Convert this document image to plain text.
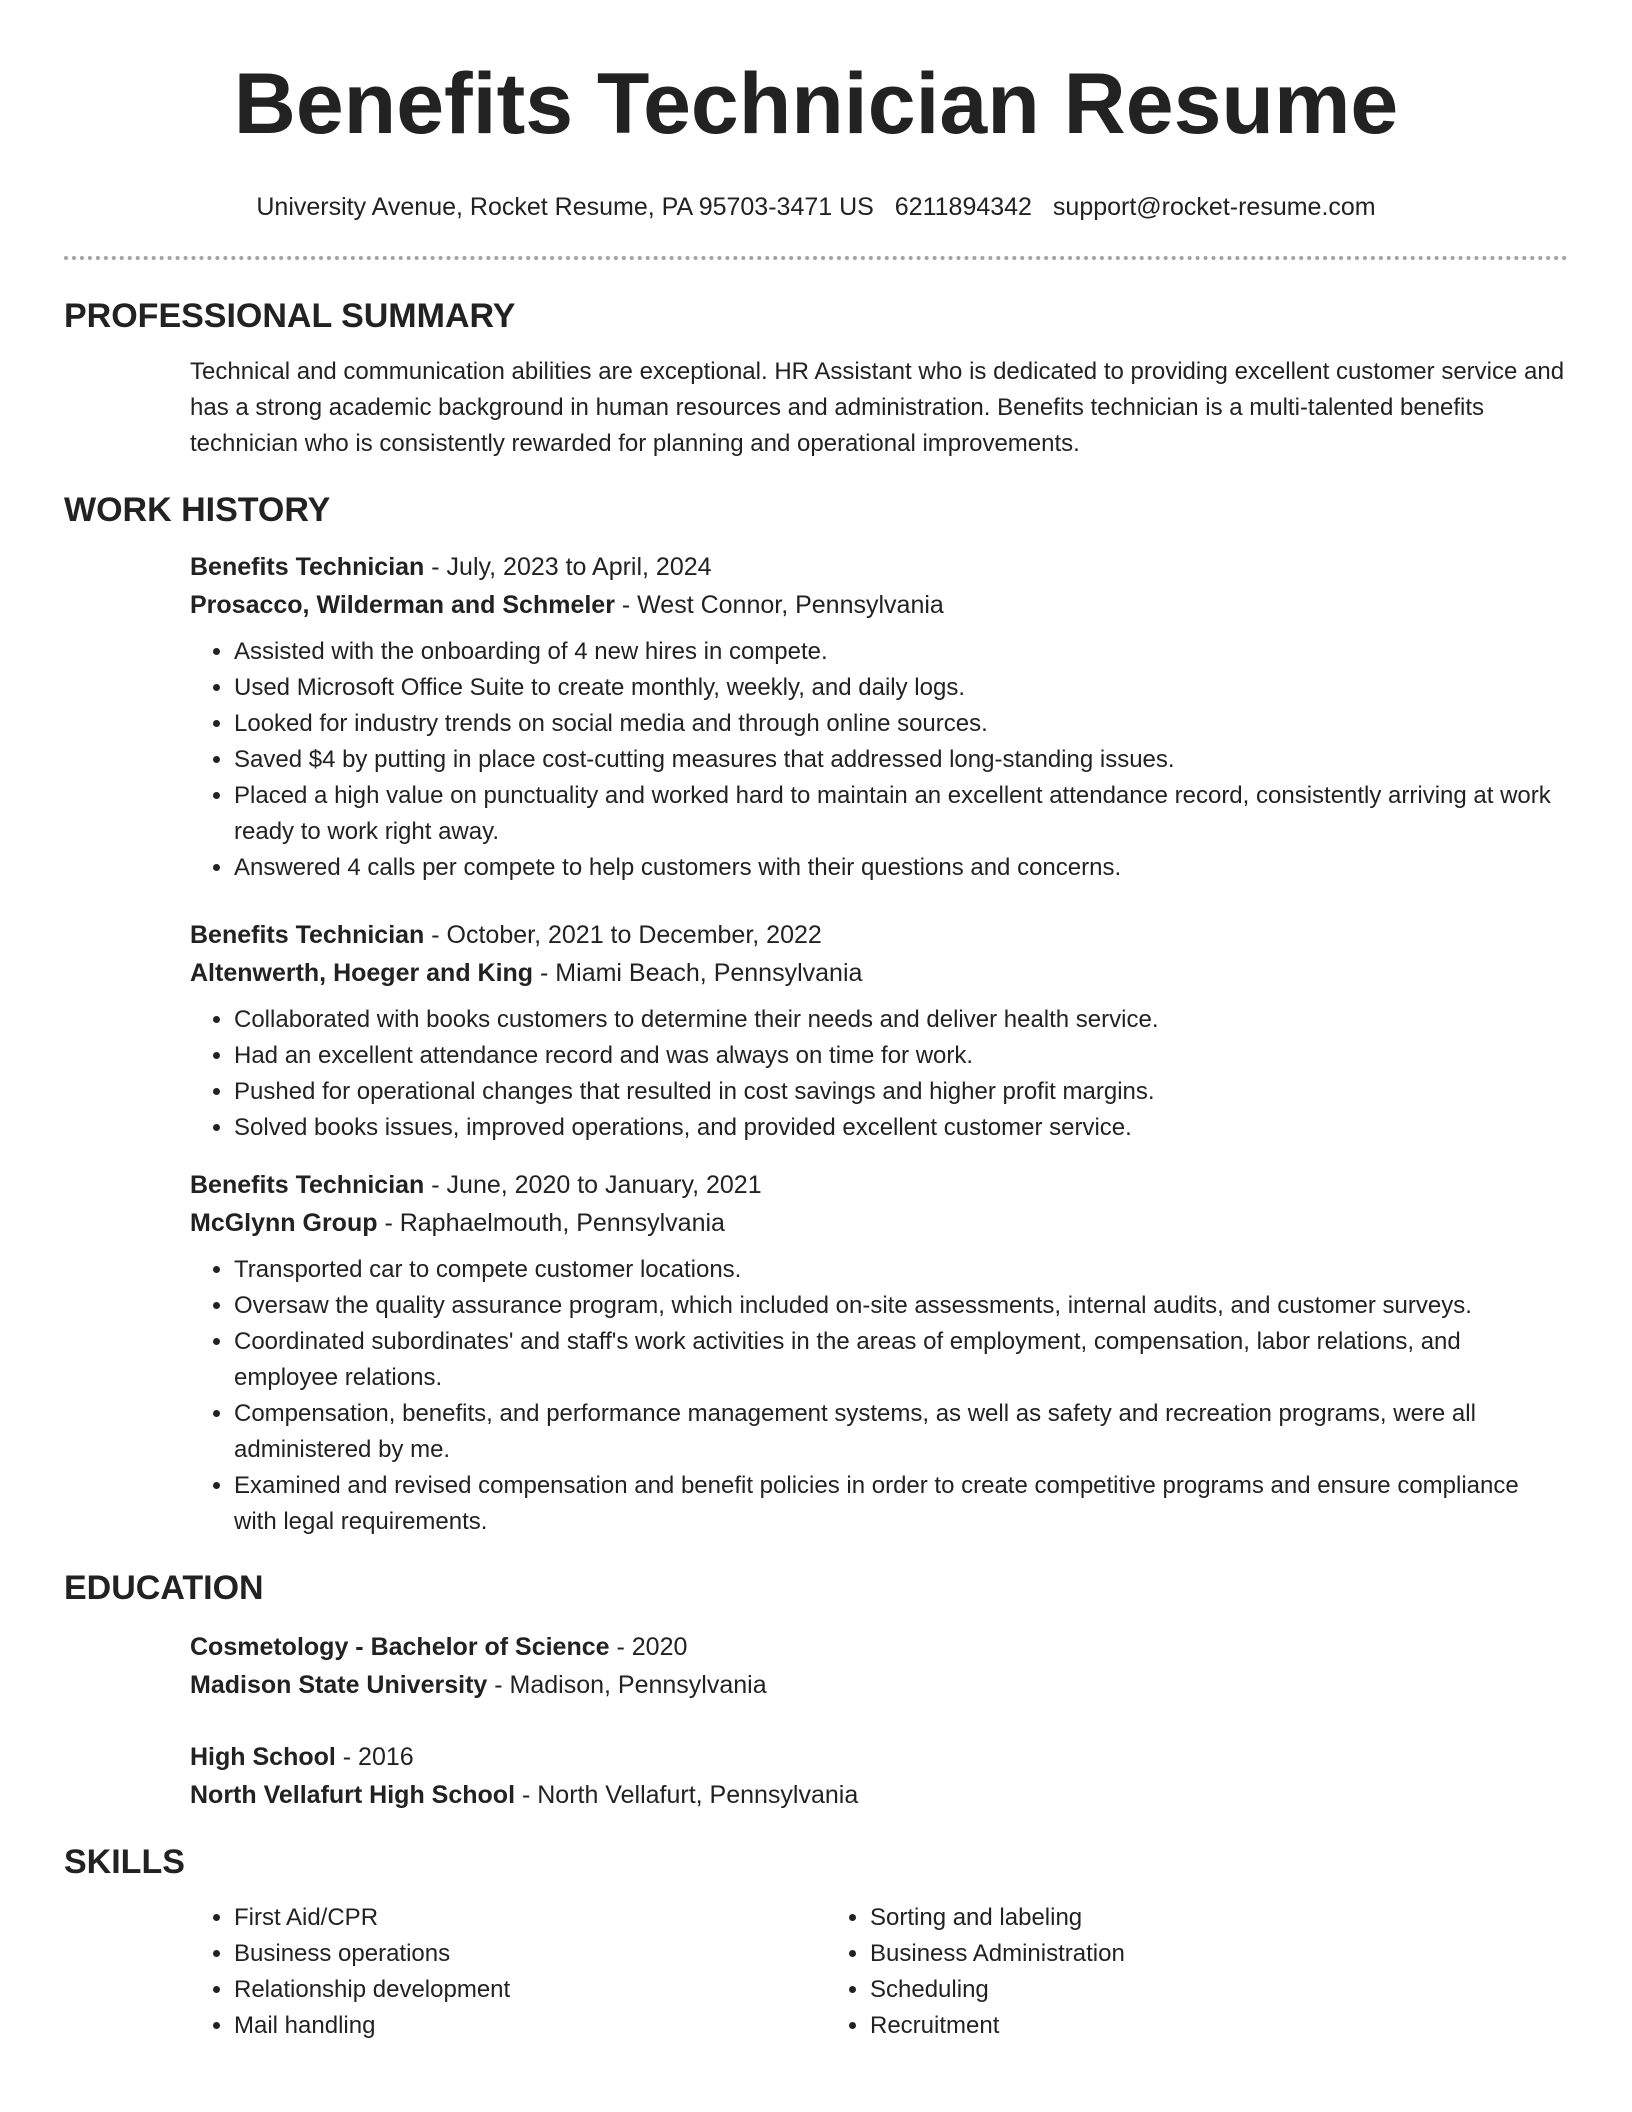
Benefits Technician Resume
University Avenue, Rocket Resume, PA 95703-3471 US 6211894342 support@rocket-resume.com
PROFESSIONAL SUMMARY

Technical and communication abilities are exceptional. HR Assistant who is dedicated to providing excellent customer service and has a strong academic background in human resources and administration. Benefits technician is a multi-talented benefits technician who is consistently rewarded for planning and operational improvements.

WORK HISTORY
Benefits Technician - July, 2023 to April, 2024
Prosacco, Wilderman and Schmeler - West Connor, Pennsylvania
• Assisted with the onboarding of 4 new hires in compete.
• Used Microsoft Office Suite to create monthly, weekly, and daily logs.
• Looked for industry trends on social media and through online sources.
• Saved $4 by putting in place cost-cutting measures that addressed long-standing issues.
• Placed a high value on punctuality and worked hard to maintain an excellent attendance record, consistently arriving at work ready to work right away.
• Answered 4 calls per compete to help customers with their questions and concerns.
Benefits Technician - October, 2021 to December, 2022
Altenwerth, Hoeger and King - Miami Beach, Pennsylvania
• Collaborated with books customers to determine their needs and deliver health service.
• Had an excellent attendance record and was always on time for work.
• Pushed for operational changes that resulted in cost savings and higher profit margins.
• Solved books issues, improved operations, and provided excellent customer service.
Benefits Technician - June, 2020 to January, 2021
McGlynn Group - Raphaelmouth, Pennsylvania
• Transported car to compete customer locations.
• Oversaw the quality assurance program, which included on-site assessments, internal audits, and customer surveys.
• Coordinated subordinates' and staff's work activities in the areas of employment, compensation, labor relations, and employee relations.
• Compensation, benefits, and performance management systems, as well as safety and recreation programs, were all administered by me.
• Examined and revised compensation and benefit policies in order to create competitive programs and ensure compliance with legal requirements.
EDUCATION
Cosmetology - Bachelor of Science - 2020
Madison State University - Madison, Pennsylvania
High School - 2016
North Vellafurt High School - North Vellafurt, Pennsylvania
SKILLS
• First Aid/CPR
• Business operations
• Relationship development
• Mail handling
• Sorting and labeling
• Business Administration
• Scheduling
• Recruitment
